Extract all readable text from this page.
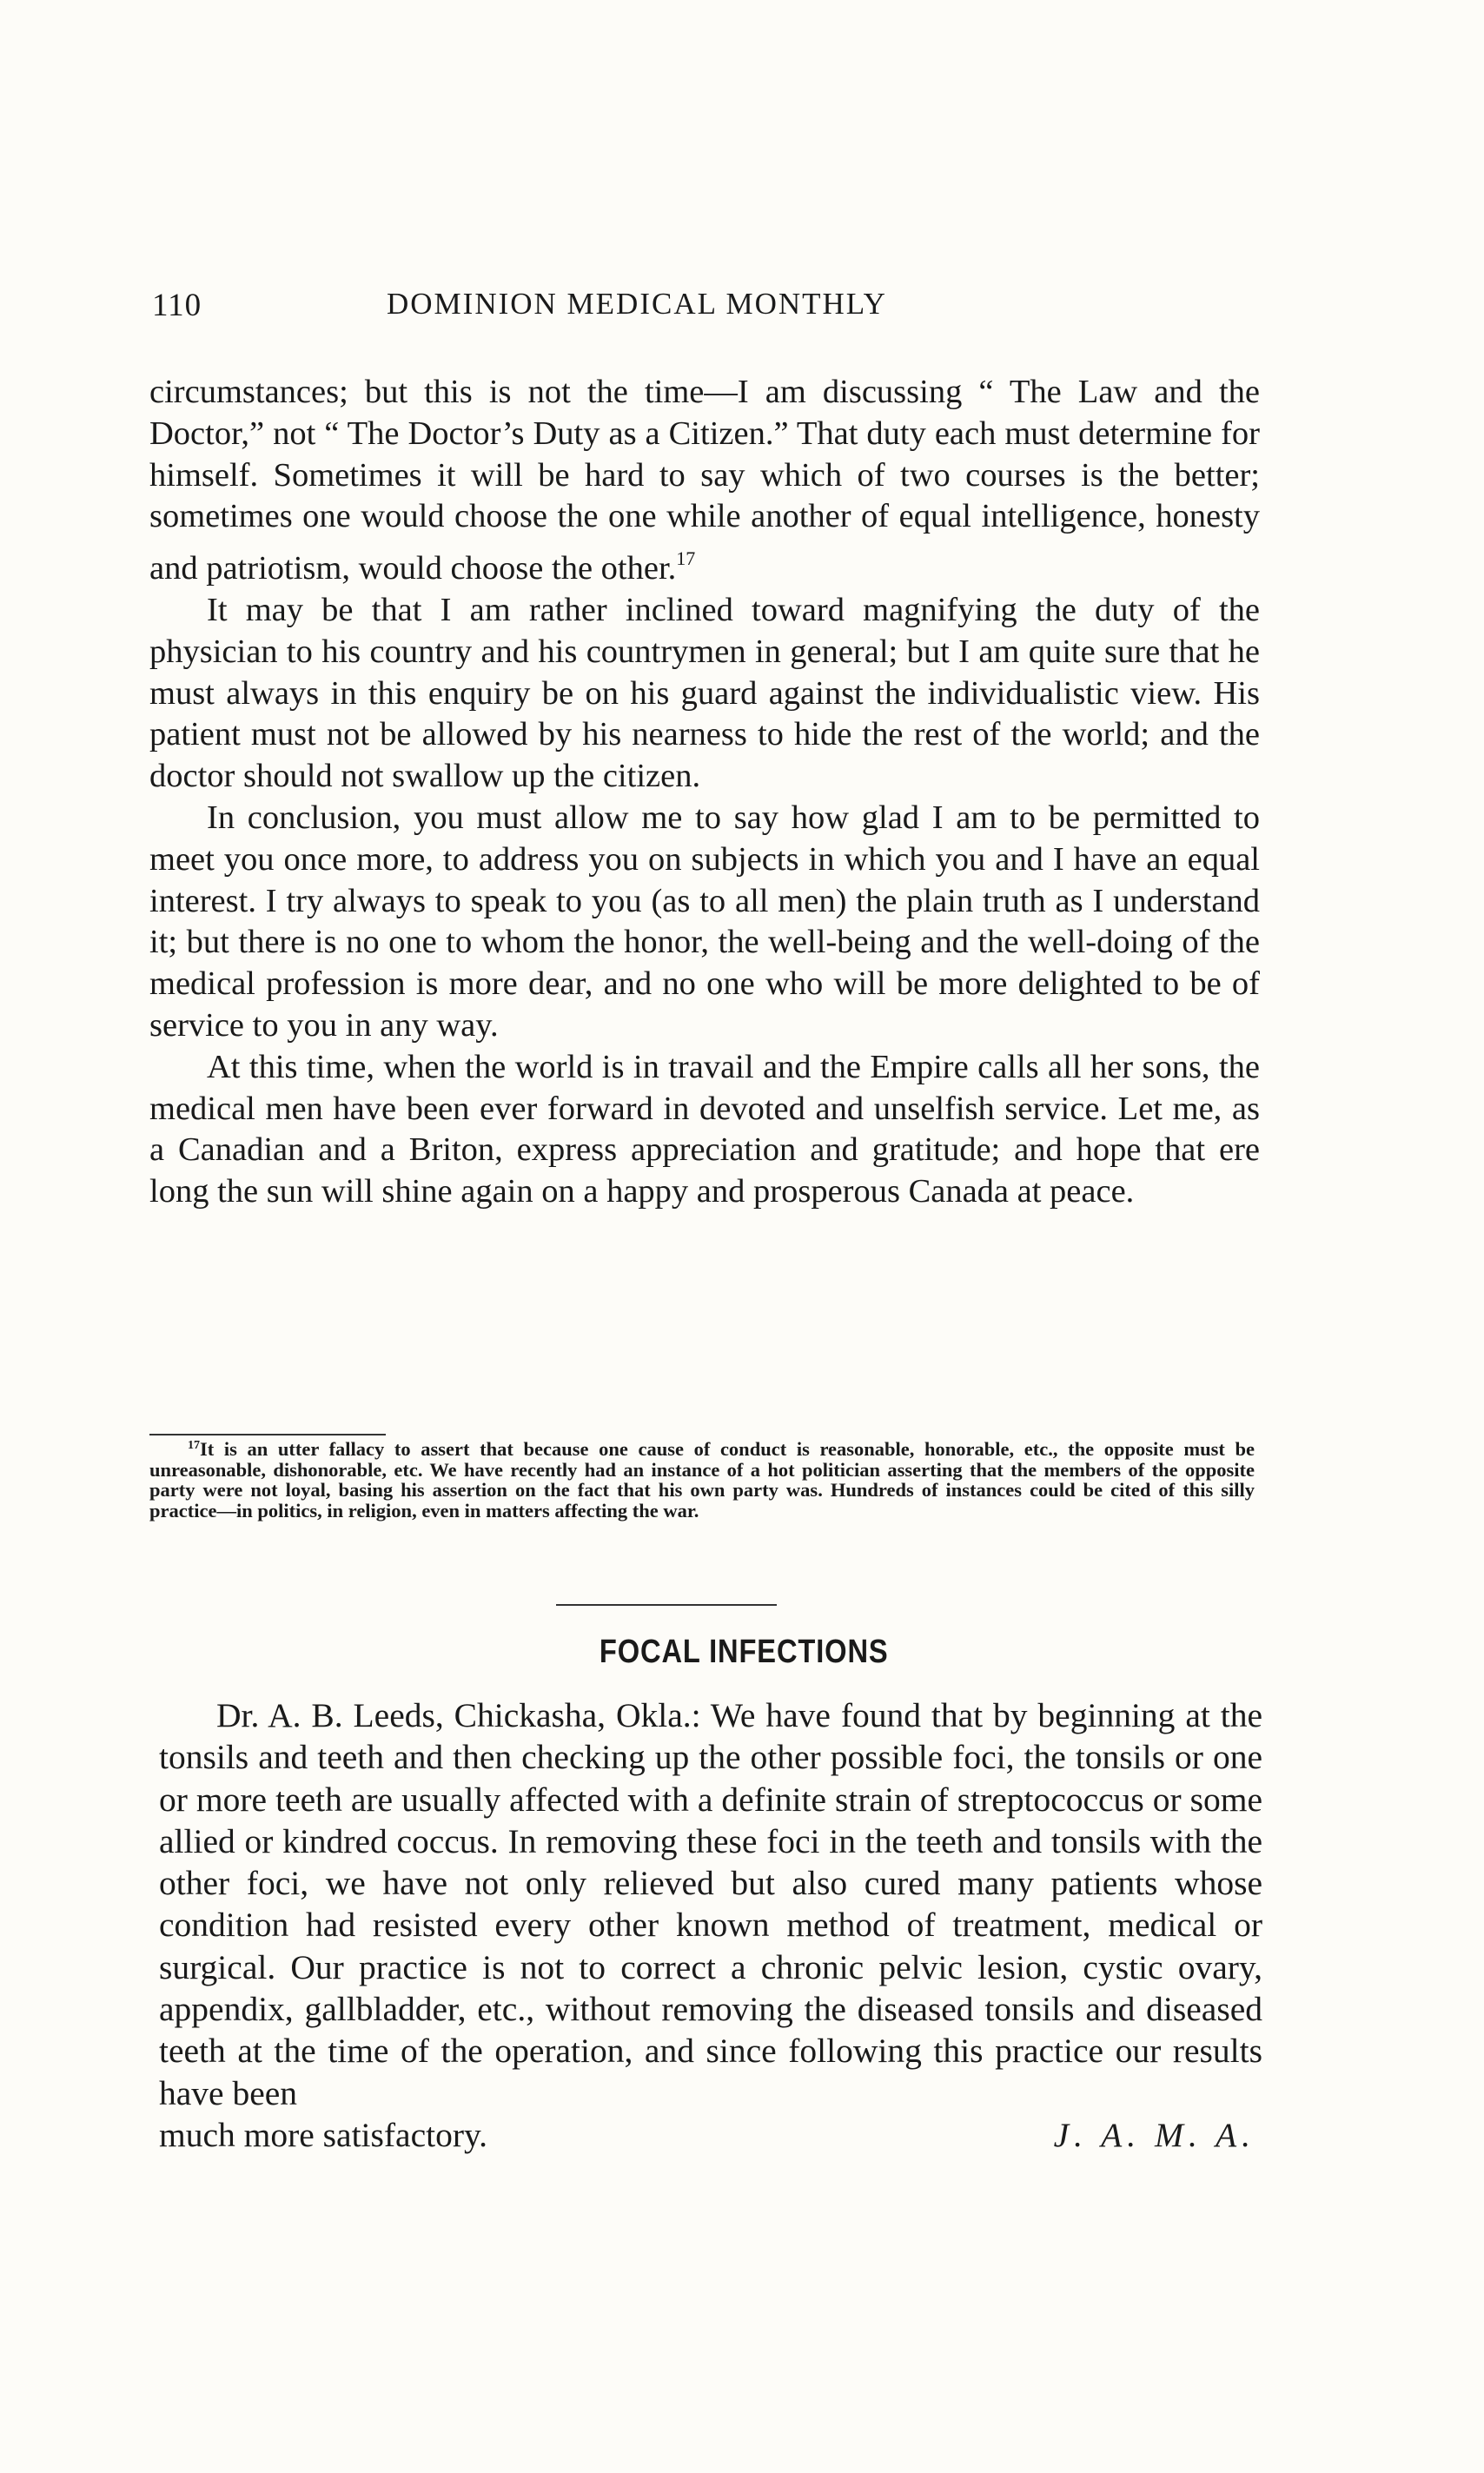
110	DOMINION MEDICAL MONTHLY

circumstances; but this is not the time—I am discussing “ The Law and the Doctor,” not “ The Doctor’s Duty as a Citizen.” That duty each must determine for himself. Sometimes it will be hard to say which of two courses is the better; sometimes one would choose the one while another of equal intelligence, honesty and patriotism, would choose the other.$^{17}$

It may be that I am rather inclined toward magnifying the duty of the physician to his country and his countrymen in general; but I am quite sure that he must always in this enquiry be on his guard against the individualistic view. His patient must not be allowed by his nearness to hide the rest of the world; and the doctor should not swallow up the citizen.

In conclusion, you must allow me to say how glad I am to be permitted to meet you once more, to address you on subjects in which you and I have an equal interest. I try always to speak to you (as to all men) the plain truth as I understand it; but there is no one to whom the honor, the well-being and the well-doing of the medical profession is more dear, and no one who will be more delighted to be of service to you in any way.

At this time, when the world is in travail and the Empire calls all her sons, the medical men have been ever forward in devoted and unselfish service. Let me, as a Canadian and a Briton, express appreciation and gratitude; and hope that ere long the sun will shine again on a happy and prosperous Canada at peace.

$^{17}$It is an utter fallacy to assert that because one cause of conduct is reasonable, honorable, etc., the opposite must be unreasonable, dishonorable, etc. We have recently had an instance of a hot politician asserting that the members of the opposite party were not loyal, basing his assertion on the fact that his own party was. Hundreds of instances could be cited of this silly practice—in politics, in religion, even in matters affecting the war.
FOCAL INFECTIONS

Dr. A. B. Leeds, Chickasha, Okla.: We have found that by beginning at the tonsils and teeth and then checking up the other possible foci, the tonsils or one or more teeth are usually affected with a definite strain of streptococcus or some allied or kindred coccus. In removing these foci in the teeth and tonsils with the other foci, we have not only relieved but also cured many patients whose condition had resisted every other known method of treatment, medical or surgical. Our practice is not to correct a chronic pelvic lesion, cystic ovary, appendix, gallbladder, etc., without removing the diseased tonsils and diseased teeth at the time of the operation, and since following this practice our results have been

much more satisfactory.	J. A. M. A.
